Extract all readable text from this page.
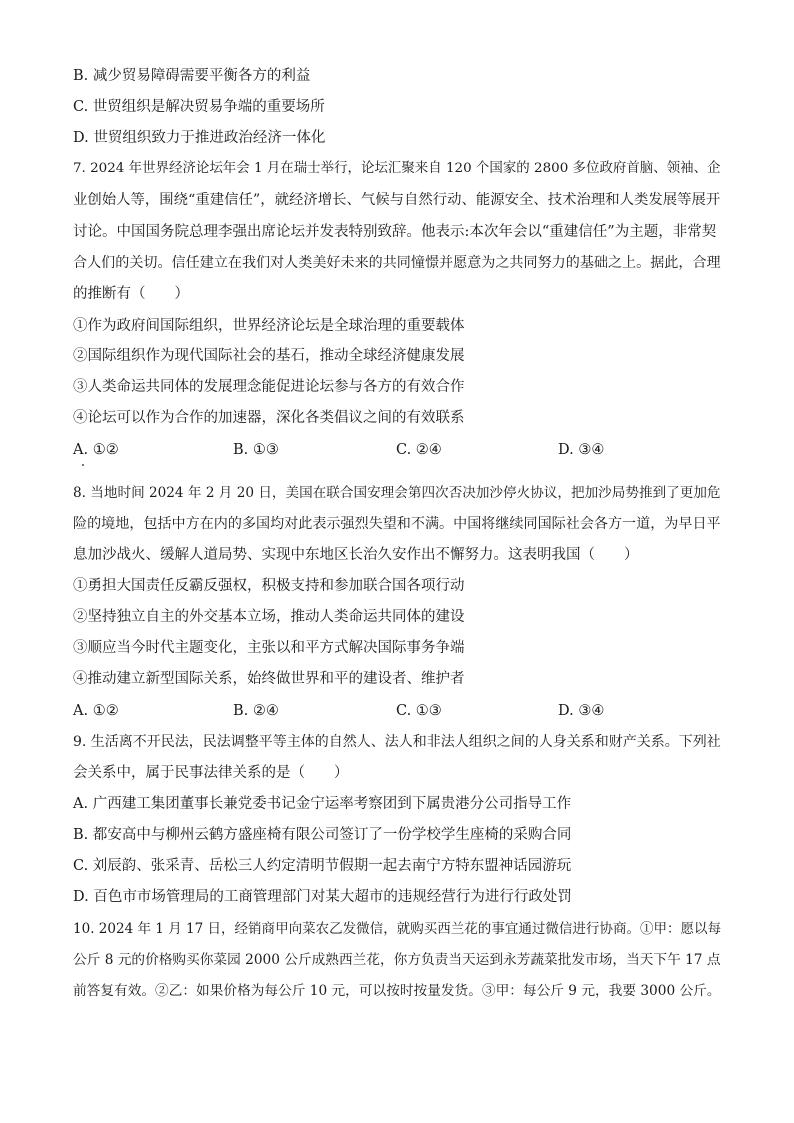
B. 减少贸易障碍需要平衡各方的利益
C. 世贸组织是解决贸易争端的重要场所
D. 世贸组织致力于推进政治经济一体化
7. 2024 年世界经济论坛年会 1 月在瑞士举行，论坛汇聚来自 120 个国家的 2800 多位政府首脑、领袖、企
业创始人等，围绕“重建信任”，就经济增长、气候与自然行动、能源安全、技术治理和人类发展等展开
讨论。中国国务院总理李强出席论坛并发表特别致辞。他表示:本次年会以“重建信任”为主题，非常契
合人们的关切。信任建立在我们对人类美好未来的共同憧憬并愿意为之共同努力的基础之上。据此，合理
的推断有（　　）
①作为政府间国际组织，世界经济论坛是全球治理的重要载体
②国际组织作为现代国际社会的基石，推动全球经济健康发展
③人类命运共同体的发展理念能促进论坛参与各方的有效合作
④论坛可以作为合作的加速器，深化各类倡议之间的有效联系
A. ①②	B. ①③	C. ②④	D. ③④
8. 当地时间 2024 年 2 月 20 日，美国在联合国安理会第四次否决加沙停火协议，把加沙局势推到了更加危
险的境地，包括中方在内的多国均对此表示强烈失望和不满。中国将继续同国际社会各方一道，为早日平
息加沙战火、缓解人道局势、实现中东地区长治久安作出不懈努力。这表明我国（　　）
①勇担大国责任反霸反强权，积极支持和参加联合国各项行动
②坚持独立自主的外交基本立场，推动人类命运共同体的建设
③顺应当今时代主题变化，主张以和平方式解决国际事务争端
④推动建立新型国际关系，始终做世界和平的建设者、维护者
A. ①②	B. ②④	C. ①③	D. ③④
9. 生活离不开民法，民法调整平等主体的自然人、法人和非法人组织之间的人身关系和财产关系。下列社
会关系中，属于民事法律关系的是（　　）
A. 广西建工集团董事长兼党委书记金宁运率考察团到下属贵港分公司指导工作
B. 都安高中与柳州云鹤方盛座椅有限公司签订了一份学校学生座椅的采购合同
C. 刘辰韵、张采青、岳松三人约定清明节假期一起去南宁方特东盟神话园游玩
D. 百色市市场管理局的工商管理部门对某大超市的违规经营行为进行行政处罚
10. 2024 年 1 月 17 日，经销商甲向菜农乙发微信，就购买西兰花的事宜通过微信进行协商。①甲：愿以每
公斤 8 元的价格购买你菜园 2000 公斤成熟西兰花，你方负责当天运到永芳蔬菜批发市场，当天下午 17 点
前答复有效。②乙：如果价格为每公斤 10 元，可以按时按量发货。③甲：每公斤 9 元，我要 3000 公斤。
